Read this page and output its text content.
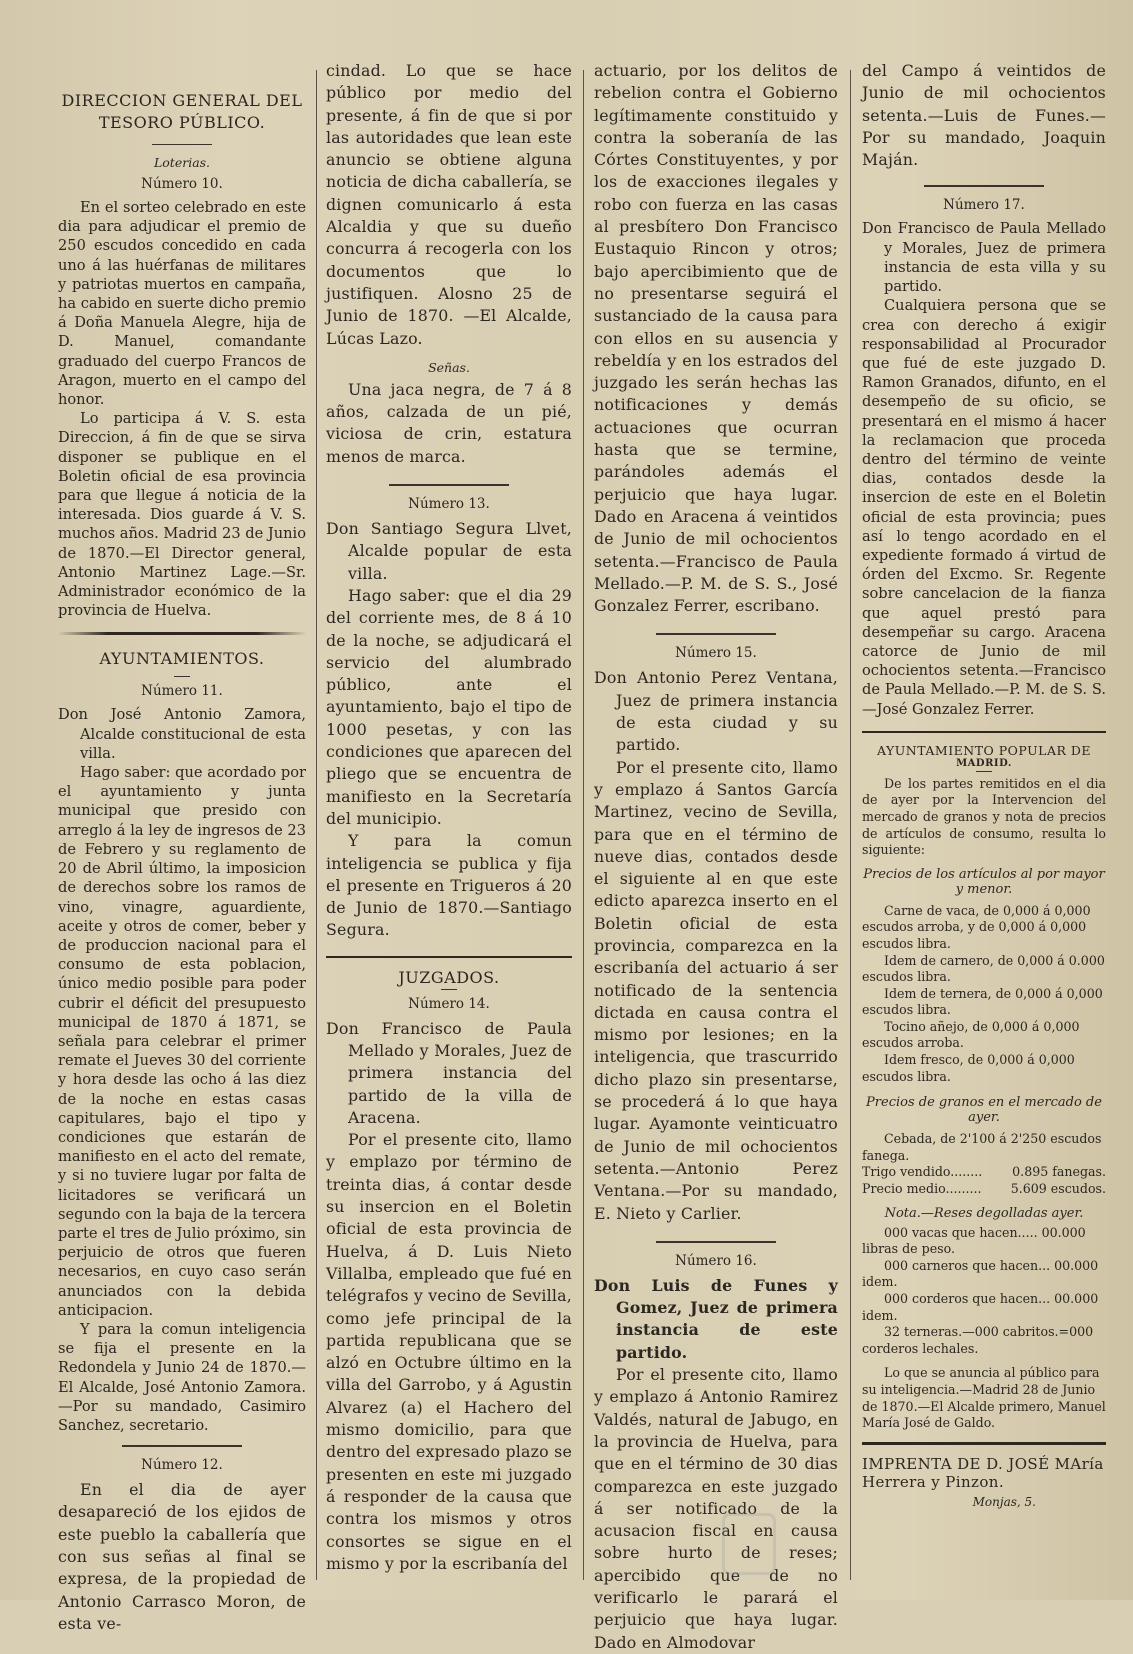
DIRECCION GENERAL DEL TESORO PÚBLICO.

Loterias.

Número 10.

En el sorteo celebrado en este dia para adjudicar el premio de 250 escudos concedido en cada uno á las huérfanas de militares y patriotas muertos en campaña, ha cabido en suerte dicho premio á Doña Manuela Alegre, hija de D. Manuel, comandante graduado del cuerpo Francos de Aragon, muerto en el campo del honor.

Lo participa á V. S. esta Direccion, á fin de que se sirva disponer se publique en el Boletin oficial de esa provincia para que llegue á noticia de la interesada. Dios guarde á V. S. muchos años. Madrid 23 de Junio de 1870.—El Director general, Antonio Martinez Lage.—Sr. Administrador económico de la provincia de Huelva.

AYUNTAMIENTOS.

Número 11.

Don José Antonio Zamora, Alcalde constitucional de esta villa.

Hago saber: que acordado por el ayuntamiento y junta municipal que presido con arreglo á la ley de ingresos de 23 de Febrero y su reglamento de 20 de Abril último, la imposicion de derechos sobre los ramos de vino, vinagre, aguardiente, aceite y otros de comer, beber y de produccion nacional para el consumo de esta poblacion, único medio posible para poder cubrir el déficit del presupuesto municipal de 1870 á 1871, se señala para celebrar el primer remate el Jueves 30 del corriente y hora desde las ocho á las diez de la noche en estas casas capitulares, bajo el tipo y condiciones que estarán de manifiesto en el acto del remate, y si no tuviere lugar por falta de licitadores se verificará un segundo con la baja de la tercera parte el tres de Julio próximo, sin perjuicio de otros que fueren necesarios, en cuyo caso serán anunciados con la debida anticipacion.

Y para la comun inteligencia se fija el presente en la Redondela y Junio 24 de 1870.—El Alcalde, José Antonio Zamora.—Por su mandado, Casimiro Sanchez, secretario.

Número 12.

En el dia de ayer desapareció de los ejidos de este pueblo la caballería que con sus señas al final se expresa, de la propiedad de Antonio Carrasco Moron, de esta ve-

cindad. Lo que se hace público por medio del presente, á fin de que si por las autoridades que lean este anuncio se obtiene alguna noticia de dicha caballería, se dignen comunicarlo á esta Alcaldia y que su dueño concurra á recogerla con los documentos que lo justifiquen. Alosno 25 de Junio de 1870. —El Alcalde, Lúcas Lazo.

Señas.

Una jaca negra, de 7 á 8 años, calzada de un pié, viciosa de crin, estatura menos de marca.

Número 13.

Don Santiago Segura Llvet, Alcalde popular de esta villa.

Hago saber: que el dia 29 del corriente mes, de 8 á 10 de la noche, se adjudicará el servicio del alumbrado público, ante el ayuntamiento, bajo el tipo de 1000 pesetas, y con las condiciones que aparecen del pliego que se encuentra de manifiesto en la Secretaría del municipio.

Y para la comun inteligencia se publica y fija el presente en Trigueros á 20 de Junio de 1870.—Santiago Segura.

JUZGADOS.

Número 14.

Don Francisco de Paula Mellado y Morales, Juez de primera instancia del partido de la villa de Aracena.

Por el presente cito, llamo y emplazo por término de treinta dias, á contar desde su insercion en el Boletin oficial de esta provincia de Huelva, á D. Luis Nieto Villalba, empleado que fué en telégrafos y vecino de Sevilla, como jefe principal de la partida republicana que se alzó en Octubre último en la villa del Garrobo, y á Agustin Alvarez (a) el Hachero del mismo domicilio, para que dentro del expresado plazo se presenten en este mi juzgado á responder de la causa que contra los mismos y otros consortes se sigue en el mismo y por la escribanía del

actuario, por los delitos de rebelion contra el Gobierno legítimamente constituido y contra la soberanía de las Córtes Constituyentes, y por los de exacciones ilegales y robo con fuerza en las casas al presbítero Don Francisco Eustaquio Rincon y otros; bajo apercibimiento que de no presentarse seguirá el sustanciado de la causa para con ellos en su ausencia y rebeldía y en los estrados del juzgado les serán hechas las notificaciones y demás actuaciones que ocurran hasta que se termine, parándoles además el perjuicio que haya lugar. Dado en Aracena á veintidos de Junio de mil ochocientos setenta.—Francisco de Paula Mellado.—P. M. de S. S., José Gonzalez Ferrer, escribano.

Número 15.

Don Antonio Perez Ventana, Juez de primera instancia de esta ciudad y su partido.

Por el presente cito, llamo y emplazo á Santos García Martinez, vecino de Sevilla, para que en el término de nueve dias, contados desde el siguiente al en que este edicto aparezca inserto en el Boletin oficial de esta provincia, comparezca en la escribanía del actuario á ser notificado de la sentencia dictada en causa contra el mismo por lesiones; en la inteligencia, que trascurrido dicho plazo sin presentarse, se procederá á lo que haya lugar. Ayamonte veinticuatro de Junio de mil ochocientos setenta.—Antonio Perez Ventana.—Por su mandado, E. Nieto y Carlier.

Número 16.

Don Luis de Funes y Gomez, Juez de primera instancia de este partido.

Por el presente cito, llamo y emplazo á Antonio Ramirez Valdés, natural de Jabugo, en la provincia de Huelva, para que en el término de 30 dias comparezca en este juzgado á ser notificado de la acusacion fiscal en causa sobre hurto de reses; apercibido que de no verificarlo le parará el perjuicio que haya lugar. Dado en Almodovar

del Campo á veintidos de Junio de mil ochocientos setenta.—Luis de Funes.—Por su mandado, Joaquin Maján.

Número 17.

Don Francisco de Paula Mellado y Morales, Juez de primera instancia de esta villa y su partido.

Cualquiera persona que se crea con derecho á exigir responsabilidad al Procurador que fué de este juzgado D. Ramon Granados, difunto, en el desempeño de su oficio, se presentará en el mismo á hacer la reclamacion que proceda dentro del término de veinte dias, contados desde la insercion de este en el Boletin oficial de esta provincia; pues así lo tengo acordado en el expediente formado á virtud de órden del Excmo. Sr. Regente sobre cancelacion de la fianza que aquel prestó para desempeñar su cargo. Aracena catorce de Junio de mil ochocientos setenta.—Francisco de Paula Mellado.—P. M. de S. S.—José Gonzalez Ferrer.

AYUNTAMIENTO POPULAR DE

MADRID.

De los partes remitidos en el dia de ayer por la Intervencion del mercado de granos y nota de precios de artículos de consumo, resulta lo siguiente:

Precios de los artículos al por mayor y menor.

Carne de vaca, de 0,000 á 0,000 escudos arroba, y de 0,000 á 0,000 escudos libra.

Idem de carnero, de 0,000 á 0.000 escudos libra.

Idem de ternera, de 0,000 á 0,000 escudos libra.

Tocino añejo, de 0,000 á 0,000 escudos arroba.

Idem fresco, de 0,000 á 0,000 escudos libra.

Precios de granos en el mercado de ayer.

Cebada, de 2'100 á 2'250 escudos fanega.

Trigo vendido........ 0.895 fanegas.
Precio medio......... 5.609 escudos.

Nota.—Reses degolladas ayer.

000 vacas que hacen..... 00.000 libras de peso.

000 carneros que hacen... 00.000 idem.

000 corderos que hacen... 00.000 idem.

32 terneras.—000 cabritos.=000 corderos lechales.

Lo que se anuncia al público para su inteligencia.—Madrid 28 de Junio de 1870.—El Alcalde primero, Manuel María José de Galdo.

IMPRENTA DE D. JOSÉ MAría Herrera y Pinzon.

Monjas, 5.
